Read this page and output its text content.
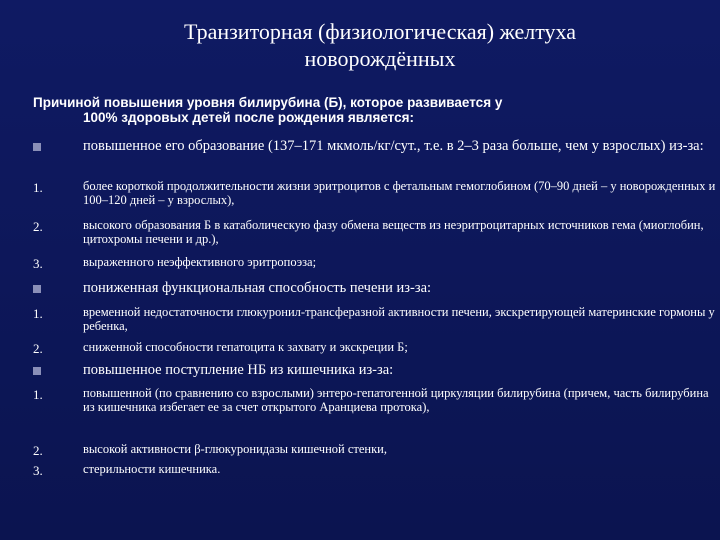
Транзиторная (физиологическая) желтуха
новорождённых
Причиной повышения уровня билирубина (Б), которое развивается у
100% здоровых детей после рождения является:
повышенное его образование (137–171 мкмоль/кг/сут., т.е. в 2–3 раза больше, чем у взрослых) из-за:
1.	более короткой продолжительности жизни эритроцитов с фетальным гемоглобином (70–90 дней – у новорожденных и 100–120 дней – у взрослых),
2.	высокого образования Б в катаболическую фазу обмена веществ из неэритроцитарных источников гема (миоглобин, цитохромы печени и др.),
3.	выраженного неэффективного эритропоэза;
пониженная функциональная способность печени из-за:
1.	временной недостаточности глюкуронил-трансферазной активности печени, экскретирующей материнские гормоны у ребенка,
2.	сниженной способности гепатоцита к захвату и экскреции Б;
повышенное поступление НБ из кишечника из-за:
1.	повышенной (по сравнению со взрослыми) энтеро-гепатогенной циркуляции билирубина (причем, часть билирубина из кишечника избегает ее за счет открытого Аранциева протока),
2.	высокой активности β-глюкуронидазы кишечной стенки,
3.	стерильности кишечника.
